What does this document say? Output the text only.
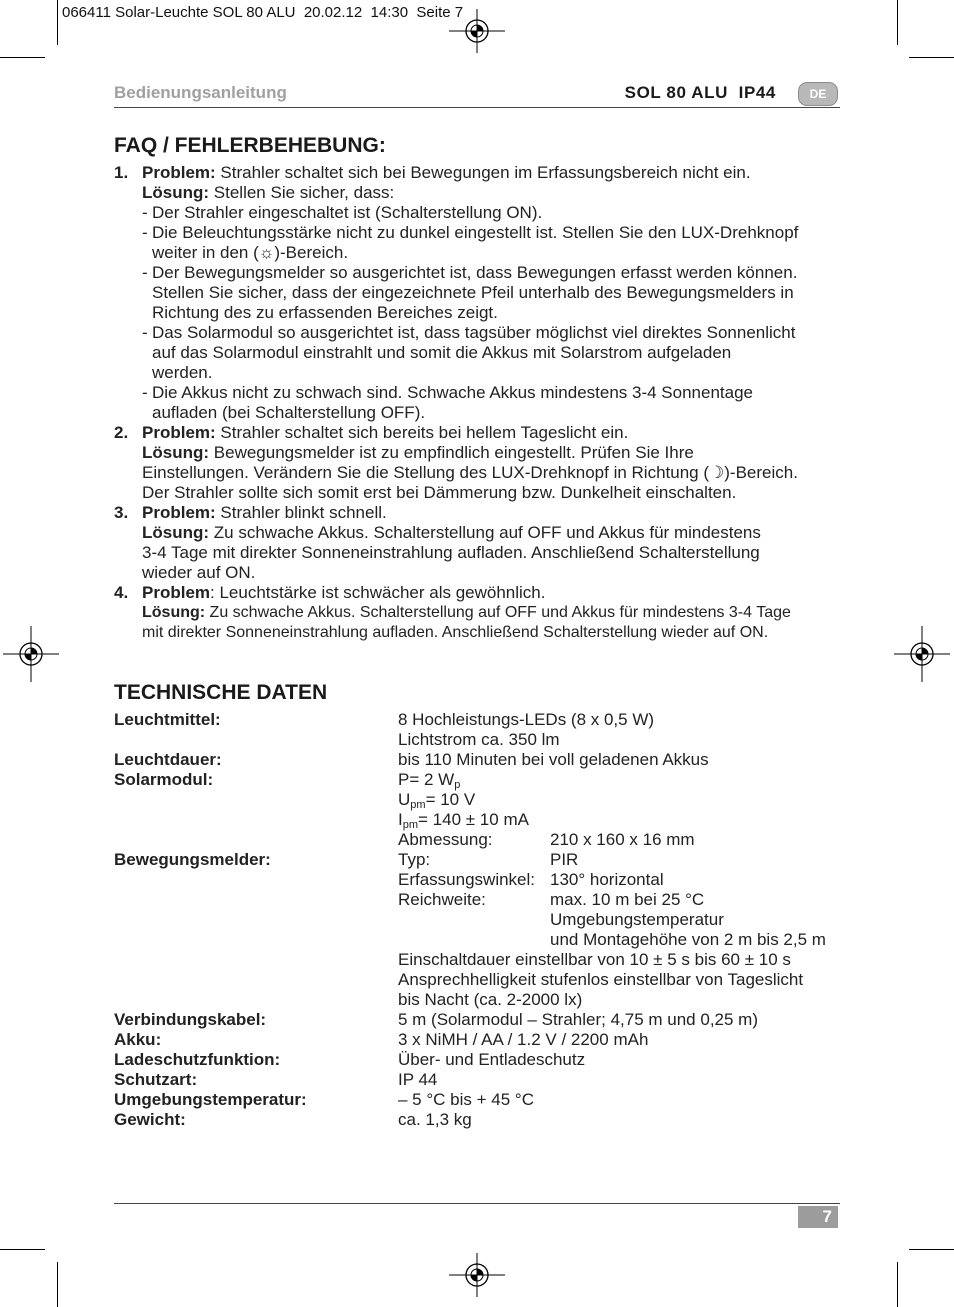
066411 Solar-Leuchte SOL 80 ALU  20.02.12  14:30  Seite 7
Bedienungsanleitung	SOL 80 ALU  IP44	DE
FAQ / FEHLERBEHEBUNG:
1. Problem: Strahler schaltet sich bei Bewegungen im Erfassungsbereich nicht ein.
Lösung: Stellen Sie sicher, dass:
- Der Strahler eingeschaltet ist (Schalterstellung ON).
- Die Beleuchtungsstärke nicht zu dunkel eingestellt ist. Stellen Sie den LUX-Drehknopf
weiter in den (☼)-Bereich.
- Der Bewegungsmelder so ausgerichtet ist, dass Bewegungen erfasst werden können.
Stellen Sie sicher, dass der eingezeichnete Pfeil unterhalb des Bewegungsmelders in
Richtung des zu erfassenden Bereiches zeigt.
- Das Solarmodul so ausgerichtet ist, dass tagsüber möglichst viel direktes Sonnenlicht
auf das Solarmodul einstrahlt und somit die Akkus mit Solarstrom aufgeladen
werden.
- Die Akkus nicht zu schwach sind. Schwache Akkus mindestens 3-4 Sonnentage
aufladen (bei Schalterstellung OFF).
2. Problem: Strahler schaltet sich bereits bei hellem Tageslicht ein.
Lösung: Bewegungsmelder ist zu empfindlich eingestellt. Prüfen Sie Ihre
Einstellungen. Verändern Sie die Stellung des LUX-Drehknopf in Richtung (☽)-Bereich.
Der Strahler sollte sich somit erst bei Dämmerung bzw. Dunkelheit einschalten.
3. Problem: Strahler blinkt schnell.
Lösung: Zu schwache Akkus. Schalterstellung auf OFF und Akkus für mindestens
3-4 Tage mit direkter Sonneneinstrahlung aufladen. Anschließend Schalterstellung
wieder auf ON.
4. Problem: Leuchtstärke ist schwächer als gewöhnlich.
Lösung: Zu schwache Akkus. Schalterstellung auf OFF und Akkus für mindestens 3-4 Tage
mit direkter Sonneneinstrahlung aufladen. Anschließend Schalterstellung wieder auf ON.
TECHNISCHE DATEN
Leuchtmittel:	8 Hochleistungs-LEDs (8 x 0,5 W)
Lichtstrom ca. 350 lm
Leuchtdauer:	bis 110 Minuten bei voll geladenen Akkus
Solarmodul:	P= 2 $W_p$
$U_{pm}= 10$ V
$I_{pm}= 140 \pm 10$ mA
Abmessung:	210 x 160 x 16 mm
Bewegungsmelder:	Typ:	PIR
Erfassungswinkel: 130° horizontal
Reichweite:	max. 10 m bei 25 °C
Umgebungstemperatur
und Montagehöhe von 2 m bis 2,5 m
Einschaltdauer einstellbar von 10 ± 5 s bis 60 ± 10 s
Ansprechhelligkeit stufenlos einstellbar von Tageslicht
bis Nacht (ca. 2-2000 lx)
Verbindungskabel:	5 m (Solarmodul – Strahler; 4,75 m und 0,25 m)
Akku:	3 x NiMH / AA / 1.2 V / 2200 mAh
Ladeschutzfunktion:	Über- und Entladeschutz
Schutzart:	IP 44
Umgebungstemperatur:	– 5 °C bis + 45 °C
Gewicht:	ca. 1,3 kg
7
